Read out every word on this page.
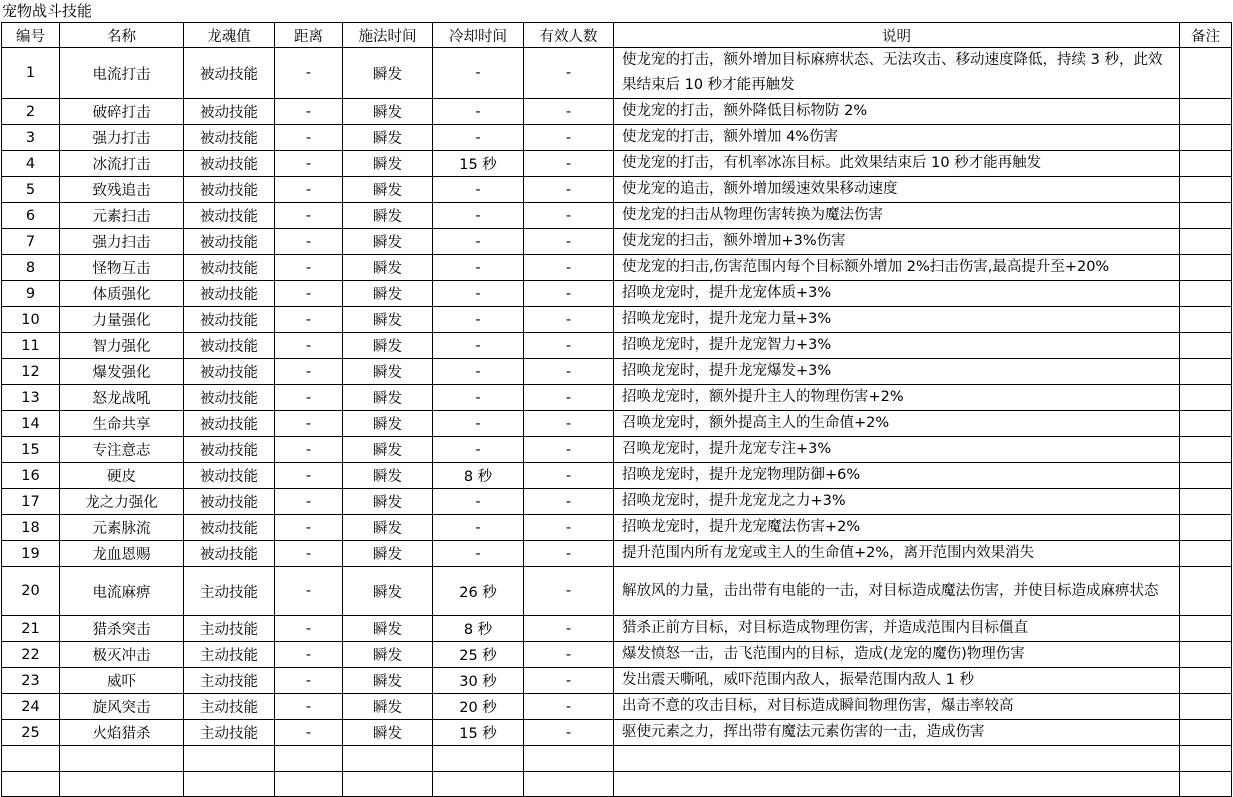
宠物战斗技能
编号	名称	龙魂值	距离	施法时间	冷却时间	有效人数	说明	备注
1	电流打击	被动技能	-	瞬发	-	-	使龙宠的打击，额外增加目标麻痹状态、无法攻击、移动速度降低，持续 3 秒，此效果结束后 10 秒才能再触发	
2	破碎打击	被动技能	-	瞬发	-	-	使龙宠的打击，额外降低目标物防 2%	
3	强力打击	被动技能	-	瞬发	-	-	使龙宠的打击，额外增加 4%伤害	
4	冰流打击	被动技能	-	瞬发	15 秒	-	使龙宠的打击，有机率冰冻目标。此效果结束后 10 秒才能再触发	
5	致残追击	被动技能	-	瞬发	-	-	使龙宠的追击，额外增加缓速效果移动速度	
6	元素扫击	被动技能	-	瞬发	-	-	使龙宠的扫击从物理伤害转换为魔法伤害	
7	强力扫击	被动技能	-	瞬发	-	-	使龙宠的扫击，额外增加+3%伤害	
8	怪物互击	被动技能	-	瞬发	-	-	使龙宠的扫击,伤害范围内每个目标额外增加 2%扫击伤害,最高提升至+20%	
9	体质强化	被动技能	-	瞬发	-	-	招唤龙宠时，提升龙宠体质+3%	
10	力量强化	被动技能	-	瞬发	-	-	招唤龙宠时，提升龙宠力量+3%	
11	智力强化	被动技能	-	瞬发	-	-	招唤龙宠时，提升龙宠智力+3%	
12	爆发强化	被动技能	-	瞬发	-	-	招唤龙宠时，提升龙宠爆发+3%	
13	怒龙战吼	被动技能	-	瞬发	-	-	招唤龙宠时，额外提升主人的物理伤害+2%	
14	生命共享	被动技能	-	瞬发	-	-	召唤龙宠时，额外提高主人的生命值+2%	
15	专注意志	被动技能	-	瞬发	-	-	召唤龙宠时，提升龙宠专注+3%	
16	硬皮	被动技能	-	瞬发	8 秒	-	招唤龙宠时，提升龙宠物理防御+6%	
17	龙之力强化	被动技能	-	瞬发	-	-	招唤龙宠时，提升龙宠龙之力+3%	
18	元素脉流	被动技能	-	瞬发	-	-	招唤龙宠时，提升龙宠魔法伤害+2%	
19	龙血恩赐	被动技能	-	瞬发	-	-	提升范围内所有龙宠或主人的生命值+2%，离开范围内效果消失	
20	电流麻痹	主动技能	-	瞬发	26 秒	-	解放风的力量，击出带有电能的一击，对目标造成魔法伤害，并使目标造成麻痹状态	
21	猎杀突击	主动技能	-	瞬发	8 秒	-	猎杀正前方目标，对目标造成物理伤害，并造成范围内目标僵直	
22	极灭冲击	主动技能	-	瞬发	25 秒	-	爆发愤怒一击，击飞范围内的目标，造成(龙宠的魔伤)物理伤害	
23	威吓	主动技能	-	瞬发	30 秒	-	发出震天嘶吼，威吓范围内敌人，振晕范围内敌人 1 秒	
24	旋风突击	主动技能	-	瞬发	20 秒	-	出奇不意的攻击目标，对目标造成瞬间物理伤害，爆击率较高	
25	火焰猎杀	主动技能	-	瞬发	15 秒	-	驱使元素之力，挥出带有魔法元素伤害的一击，造成伤害	
